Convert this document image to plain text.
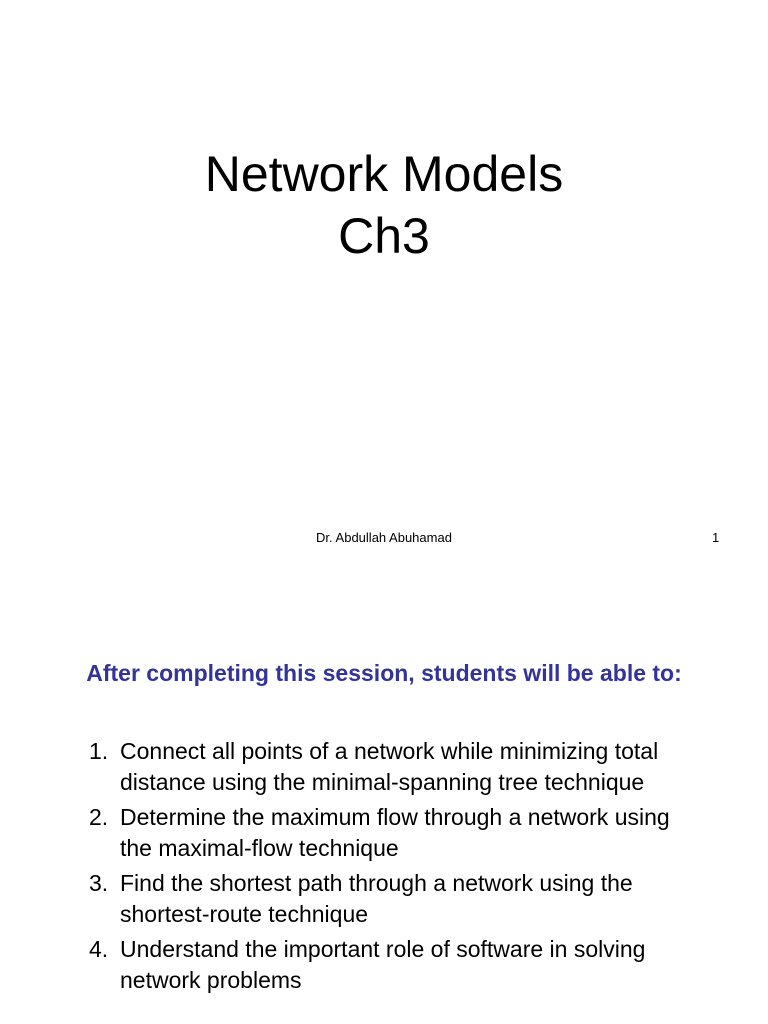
Network Models
Ch3
Dr. Abdullah Abuhamad	1
After completing this session, students will be able to:
1. Connect all points of a network while minimizing total distance using the minimal-spanning tree technique
2. Determine the maximum flow through a network using the maximal-flow technique
3. Find the shortest path through a network using the shortest-route technique
4. Understand the important role of software in solving network problems
